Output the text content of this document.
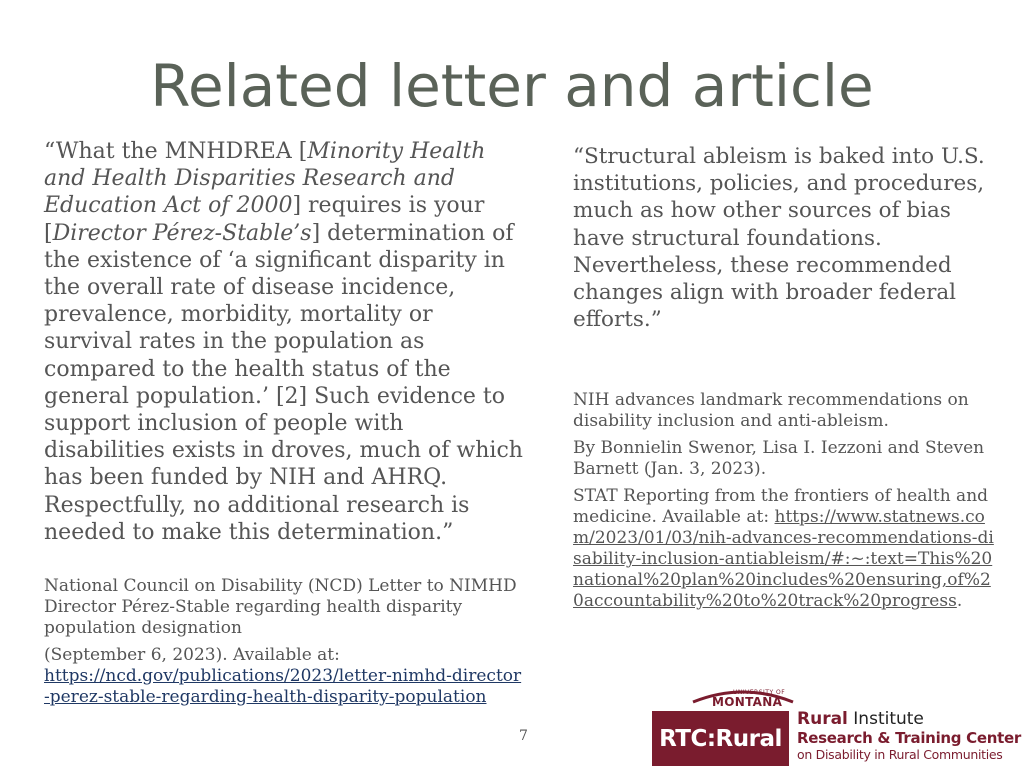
Related letter and article

“What the MNHDREA [Minority Health and Health Disparities Research and Education Act of 2000] requires is your [Director Pérez-Stable’s] determination of the existence of ‘a significant disparity in the overall rate of disease incidence, prevalence, morbidity, mortality or survival rates in the population as compared to the health status of the general population.’ [2] Such evidence to support inclusion of people with disabilities exists in droves, much of which has been funded by NIH and AHRQ. Respectfully, no additional research is needed to make this determination.”

National Council on Disability (NCD) Letter to NIMHD Director Pérez-Stable regarding health disparity population designation

(September 6, 2023). Available at:
https://ncd.gov/publications/2023/letter-nimhd-director-perez-stable-regarding-health-disparity-population

“Structural ableism is baked into U.S. institutions, policies, and procedures, much as how other sources of bias have structural foundations. Nevertheless, these recommended changes align with broader federal efforts.”

NIH advances landmark recommendations on disability inclusion and anti-ableism.

By Bonnielin Swenor, Lisa I. Iezzoni and Steven Barnett (Jan. 3, 2023).

STAT Reporting from the frontiers of health and medicine. Available at: https://www.statnews.com/2023/01/03/nih-advances-recommendations-disability-inclusion-antiableism/#:~:text=This%20national%20plan%20includes%20ensuring,of%20accountability%20to%20track%20progress.

7
UNIVERSITY OF
MONTANA
RTC:Rural
Rural Institute
Research & Training Center
on Disability in Rural Communities
